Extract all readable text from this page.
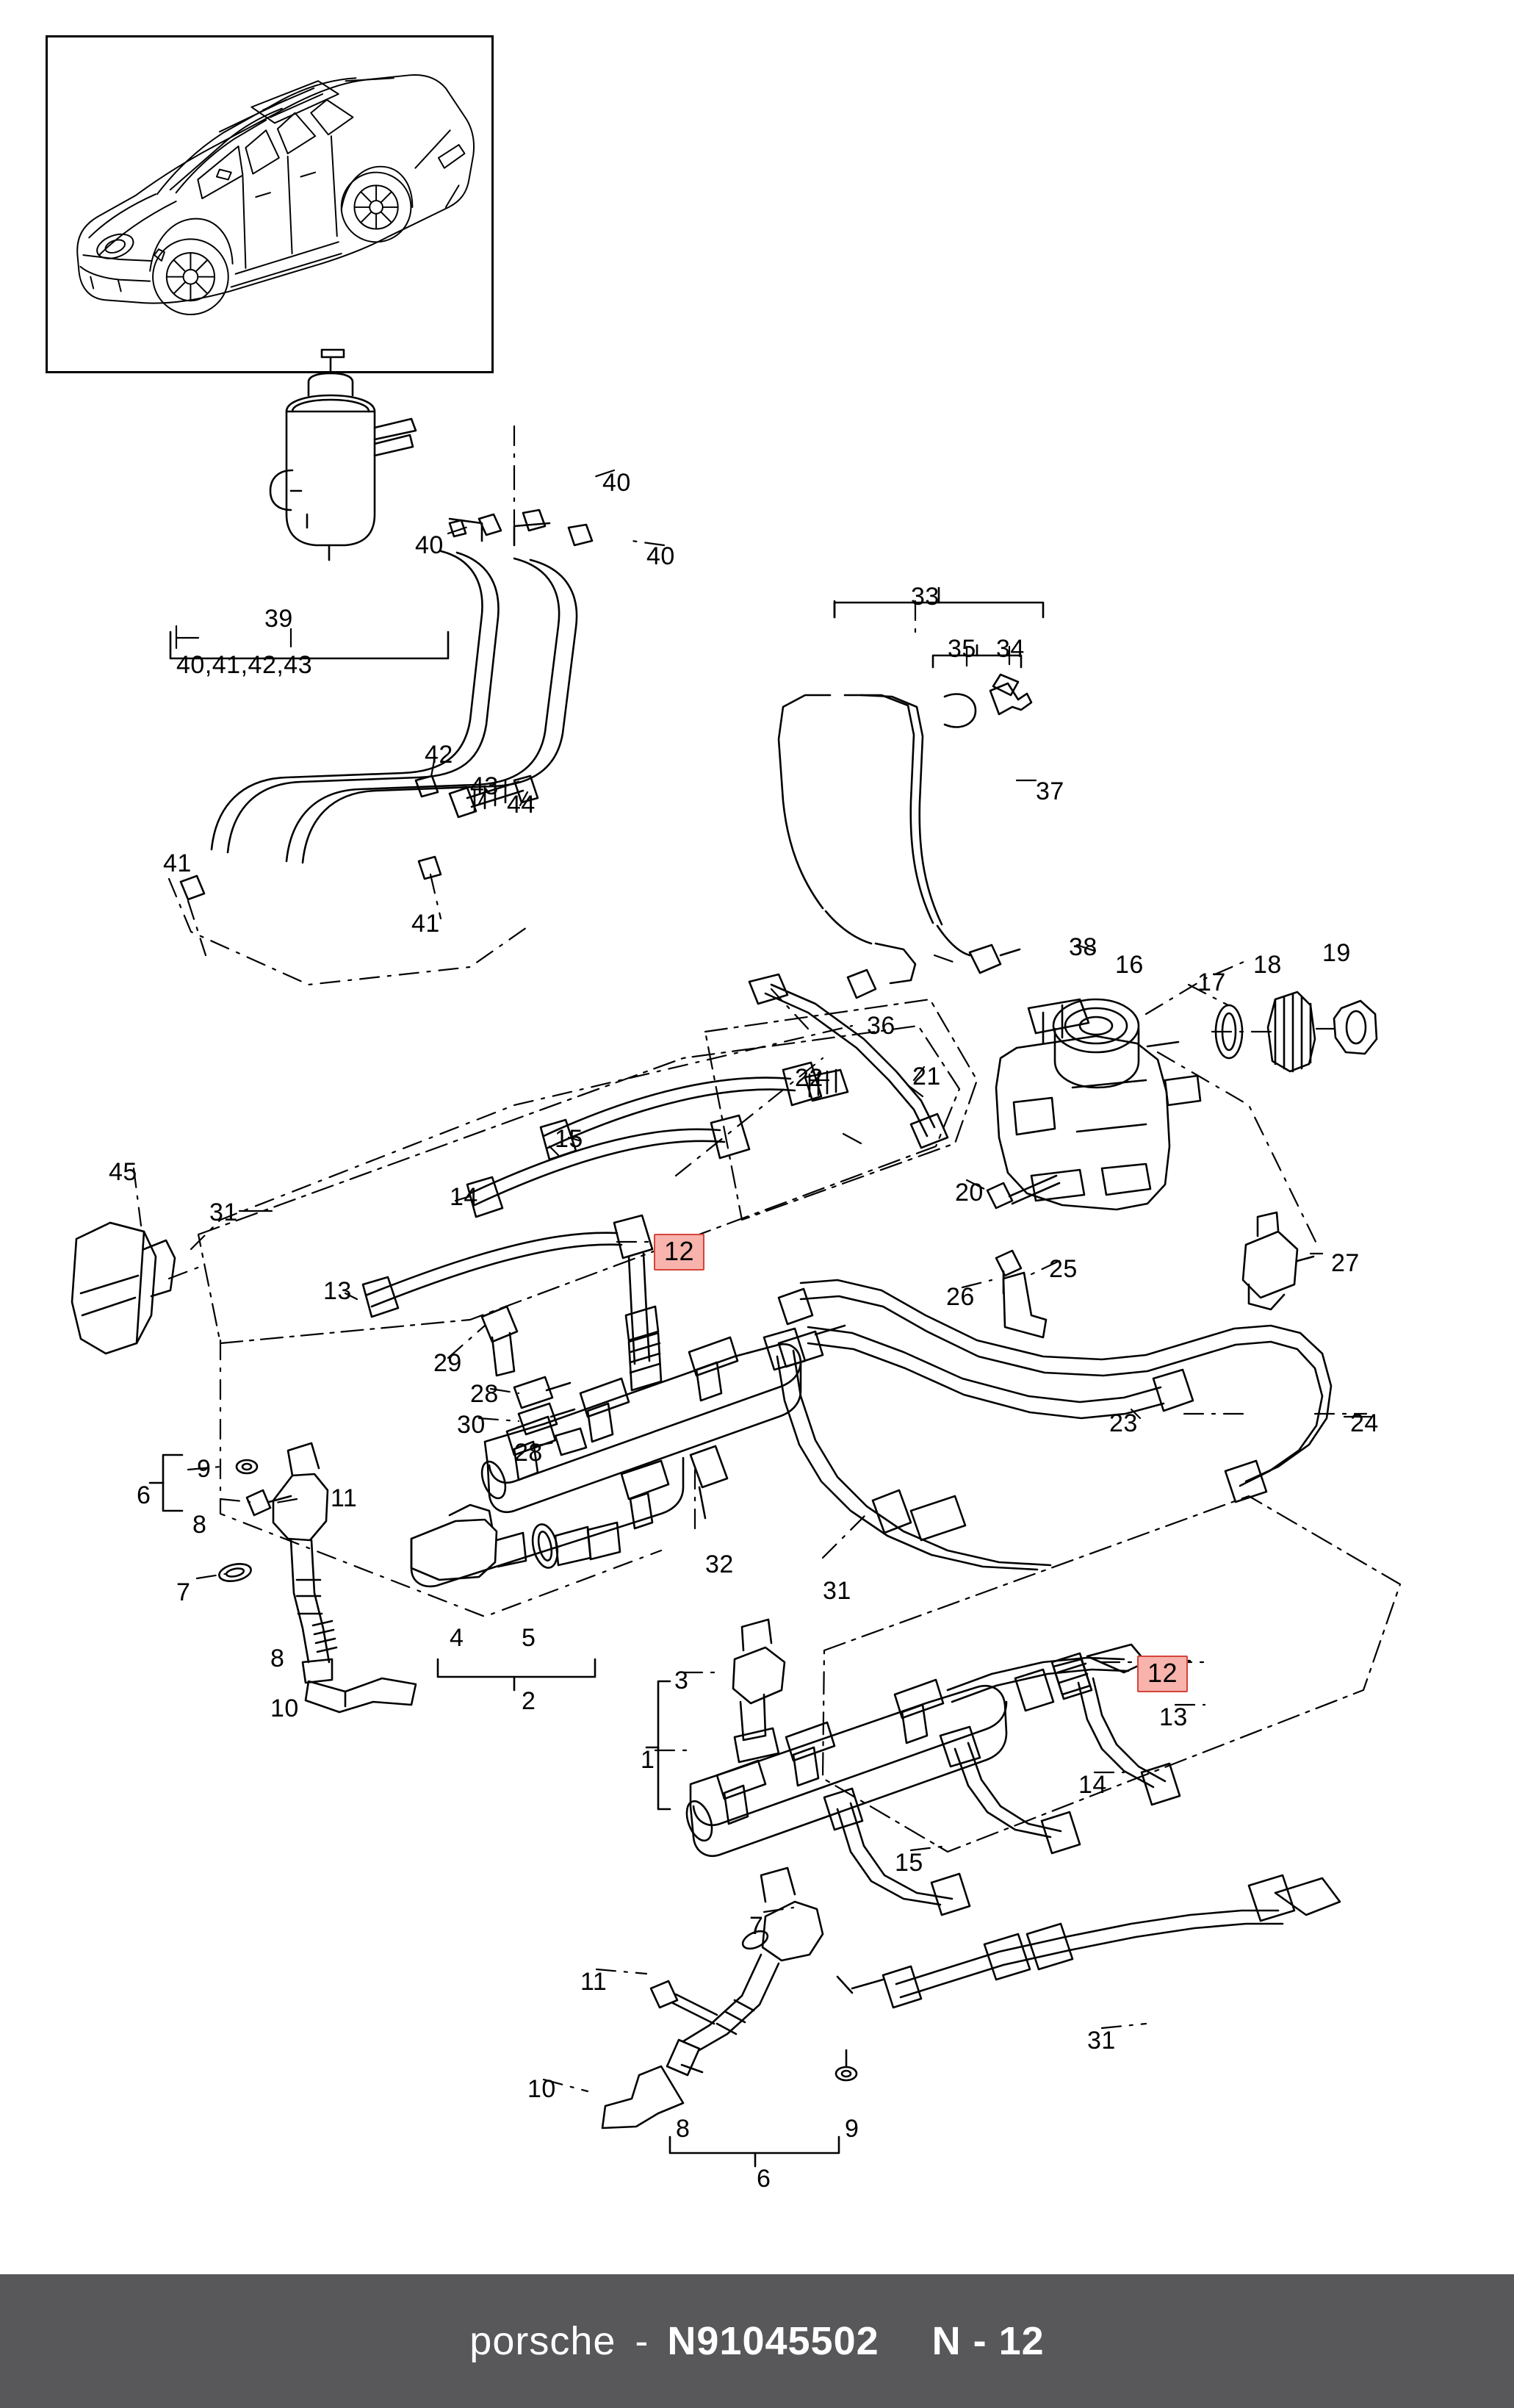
40
40	40
33
35 34
39
40,41,42,43
37
42
43
44
41
41
38	19
18
17
16
36
21
22
15
31
14
45
20
27
25
26
13
29
28
30
28
23	24
9
6
8
11
7
32
31
4 5
8
10	2
3
13
1
14
15
7
11
31
10
8	9
6
12
12
porsche - N91045502 N - 12
